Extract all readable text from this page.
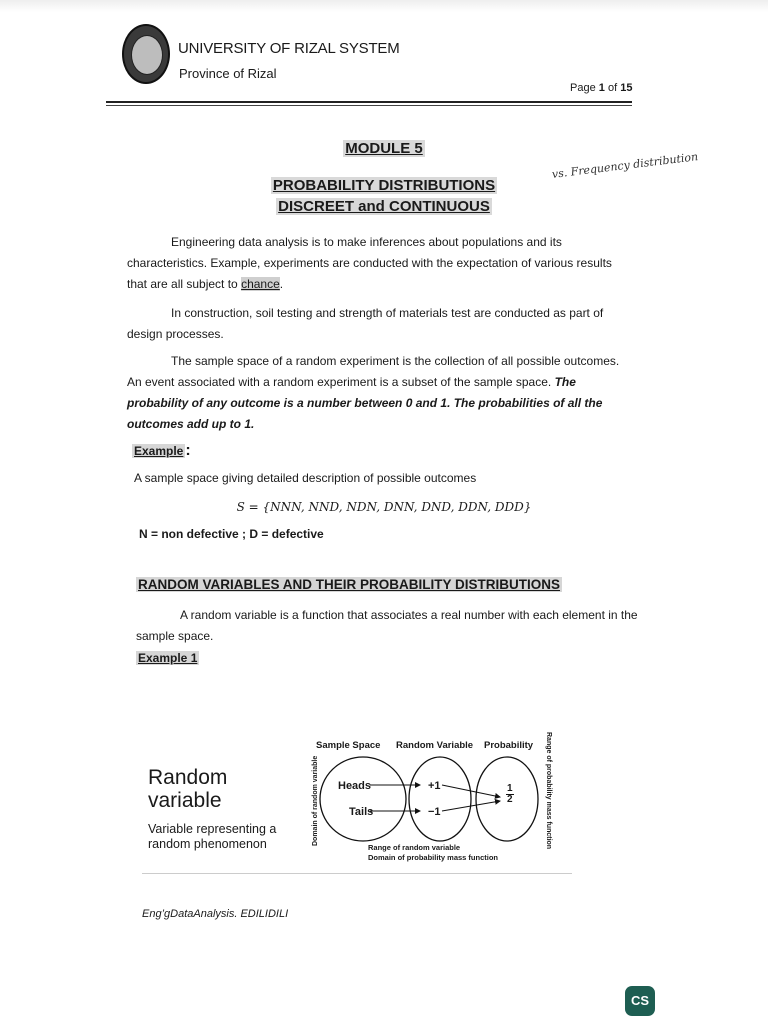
UNIVERSITY OF RIZAL SYSTEM
Province of Rizal
Page 1 of 15
MODULE 5
PROBABILITY DISTRIBUTIONS
DISCREET and CONTINUOUS
vs. Frequency distribution

Engineering data analysis is to make inferences about populations and its characteristics. Example, experiments are conducted with the expectation of various results that are all subject to chance.

In construction, soil testing and strength of materials test are conducted as part of design processes.

The sample space of a random experiment is the collection of all possible outcomes. An event associated with a random experiment is a subset of the sample space. The probability of any outcome is a number between 0 and 1. The probabilities of all the outcomes add up to 1.

Example :
A sample space giving detailed description of possible outcomes
S = {NNN, NND, NDN, DNN, DND, DDN, DDD}
N = non defective ; D = defective
RANDOM VARIABLES AND THEIR PROBABILITY DISTRIBUTIONS

A random variable is a function that associates a real number with each element in the sample space.

Example 1
Random
variable
Variable representing a
random phenomenon
Sample Space Random Variable Probability
Heads
Tails
+1
−1
1
2
Domain of random variable	Range of probability mass function
Range of random variable
Domain of probability mass function
Eng’gDataAnalysis. EDILIDILI
CS
